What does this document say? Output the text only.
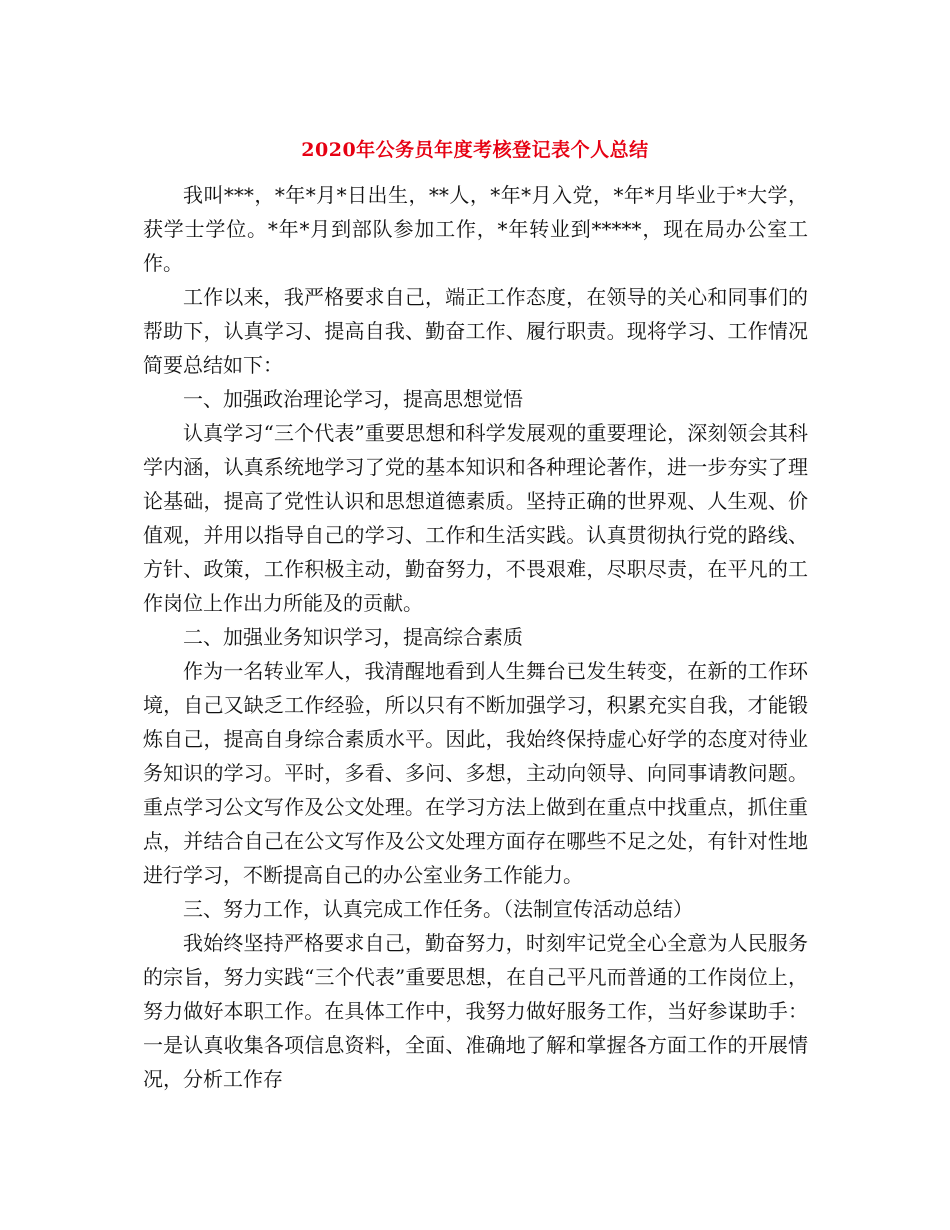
2020年公务员年度考核登记表个人总结

我叫***，*年*月*日出生，**人，*年*月入党，*年*月毕业于*大学，获学士学位。*年*月到部队参加工作，*年转业到*****，现在局办公室工作。

工作以来，我严格要求自己，端正工作态度，在领导的关心和同事们的帮助下，认真学习、提高自我、勤奋工作、履行职责。现将学习、工作情况简要总结如下：

一、加强政治理论学习，提高思想觉悟

认真学习“三个代表”重要思想和科学发展观的重要理论，深刻领会其科学内涵，认真系统地学习了党的基本知识和各种理论著作，进一步夯实了理论基础，提高了党性认识和思想道德素质。坚持正确的世界观、人生观、价值观，并用以指导自己的学习、工作和生活实践。认真贯彻执行党的路线、方针、政策，工作积极主动，勤奋努力，不畏艰难，尽职尽责，在平凡的工作岗位上作出力所能及的贡献。

二、加强业务知识学习，提高综合素质

作为一名转业军人，我清醒地看到人生舞台已发生转变，在新的工作环境，自己又缺乏工作经验，所以只有不断加强学习，积累充实自我，才能锻炼自己，提高自身综合素质水平。因此，我始终保持虚心好学的态度对待业务知识的学习。平时，多看、多问、多想，主动向领导、向同事请教问题。重点学习公文写作及公文处理。在学习方法上做到在重点中找重点，抓住重点，并结合自己在公文写作及公文处理方面存在哪些不足之处，有针对性地进行学习，不断提高自己的办公室业务工作能力。

三、努力工作，认真完成工作任务。（法制宣传活动总结）

我始终坚持严格要求自己，勤奋努力，时刻牢记党全心全意为人民服务的宗旨，努力实践“三个代表”重要思想，在自己平凡而普通的工作岗位上，努力做好本职工作。在具体工作中，我努力做好服务工作，当好参谋助手：一是认真收集各项信息资料，全面、准确地了解和掌握各方面工作的开展情况，分析工作存
